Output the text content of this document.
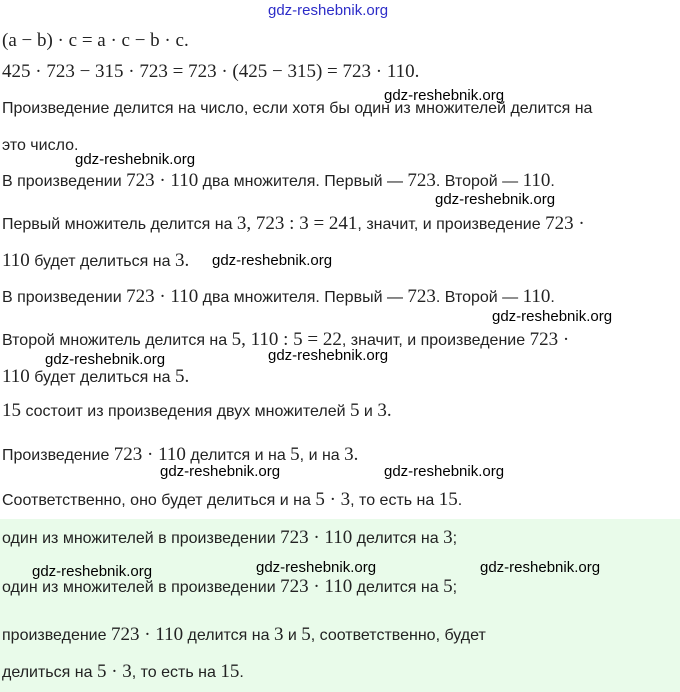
gdz-reshebnik.org
(a − b) · c = a · c − b · c.
425 · 723 − 315 · 723 = 723 · (425 − 315) = 723 · 110.
Произведение делится на число, если хотя бы один из множителей делится на
это число.
В произведении 723 · 110 два множителя. Первый — 723. Второй — 110.
Первый множитель делится на 3, 723 : 3 = 241, значит, и произведение 723 ·
110 будет делиться на 3.
В произведении 723 · 110 два множителя. Первый — 723. Второй — 110.
Второй множитель делится на 5, 110 : 5 = 22, значит, и произведение 723 ·
110 будет делиться на 5.
15 состоит из произведения двух множителей 5 и 3.
Произведение 723 · 110 делится и на 5, и на 3.
Соответственно, оно будет делиться и на 5 · 3, то есть на 15.
один из множителей в произведении 723 · 110 делится на 3;
один из множителей в произведении 723 · 110 делится на 5;
произведение 723 · 110 делится на 3 и 5, соответственно, будет
делиться на 5 · 3, то есть на 15.
gdz-reshebnik.org
gdz-reshebnik.org
gdz-reshebnik.org
gdz-reshebnik.org
gdz-reshebnik.org
gdz-reshebnik.org	gdz-reshebnik.org
gdz-reshebnik.org	gdz-reshebnik.org
gdz-reshebnik.org	gdz-reshebnik.org	gdz-reshebnik.org
